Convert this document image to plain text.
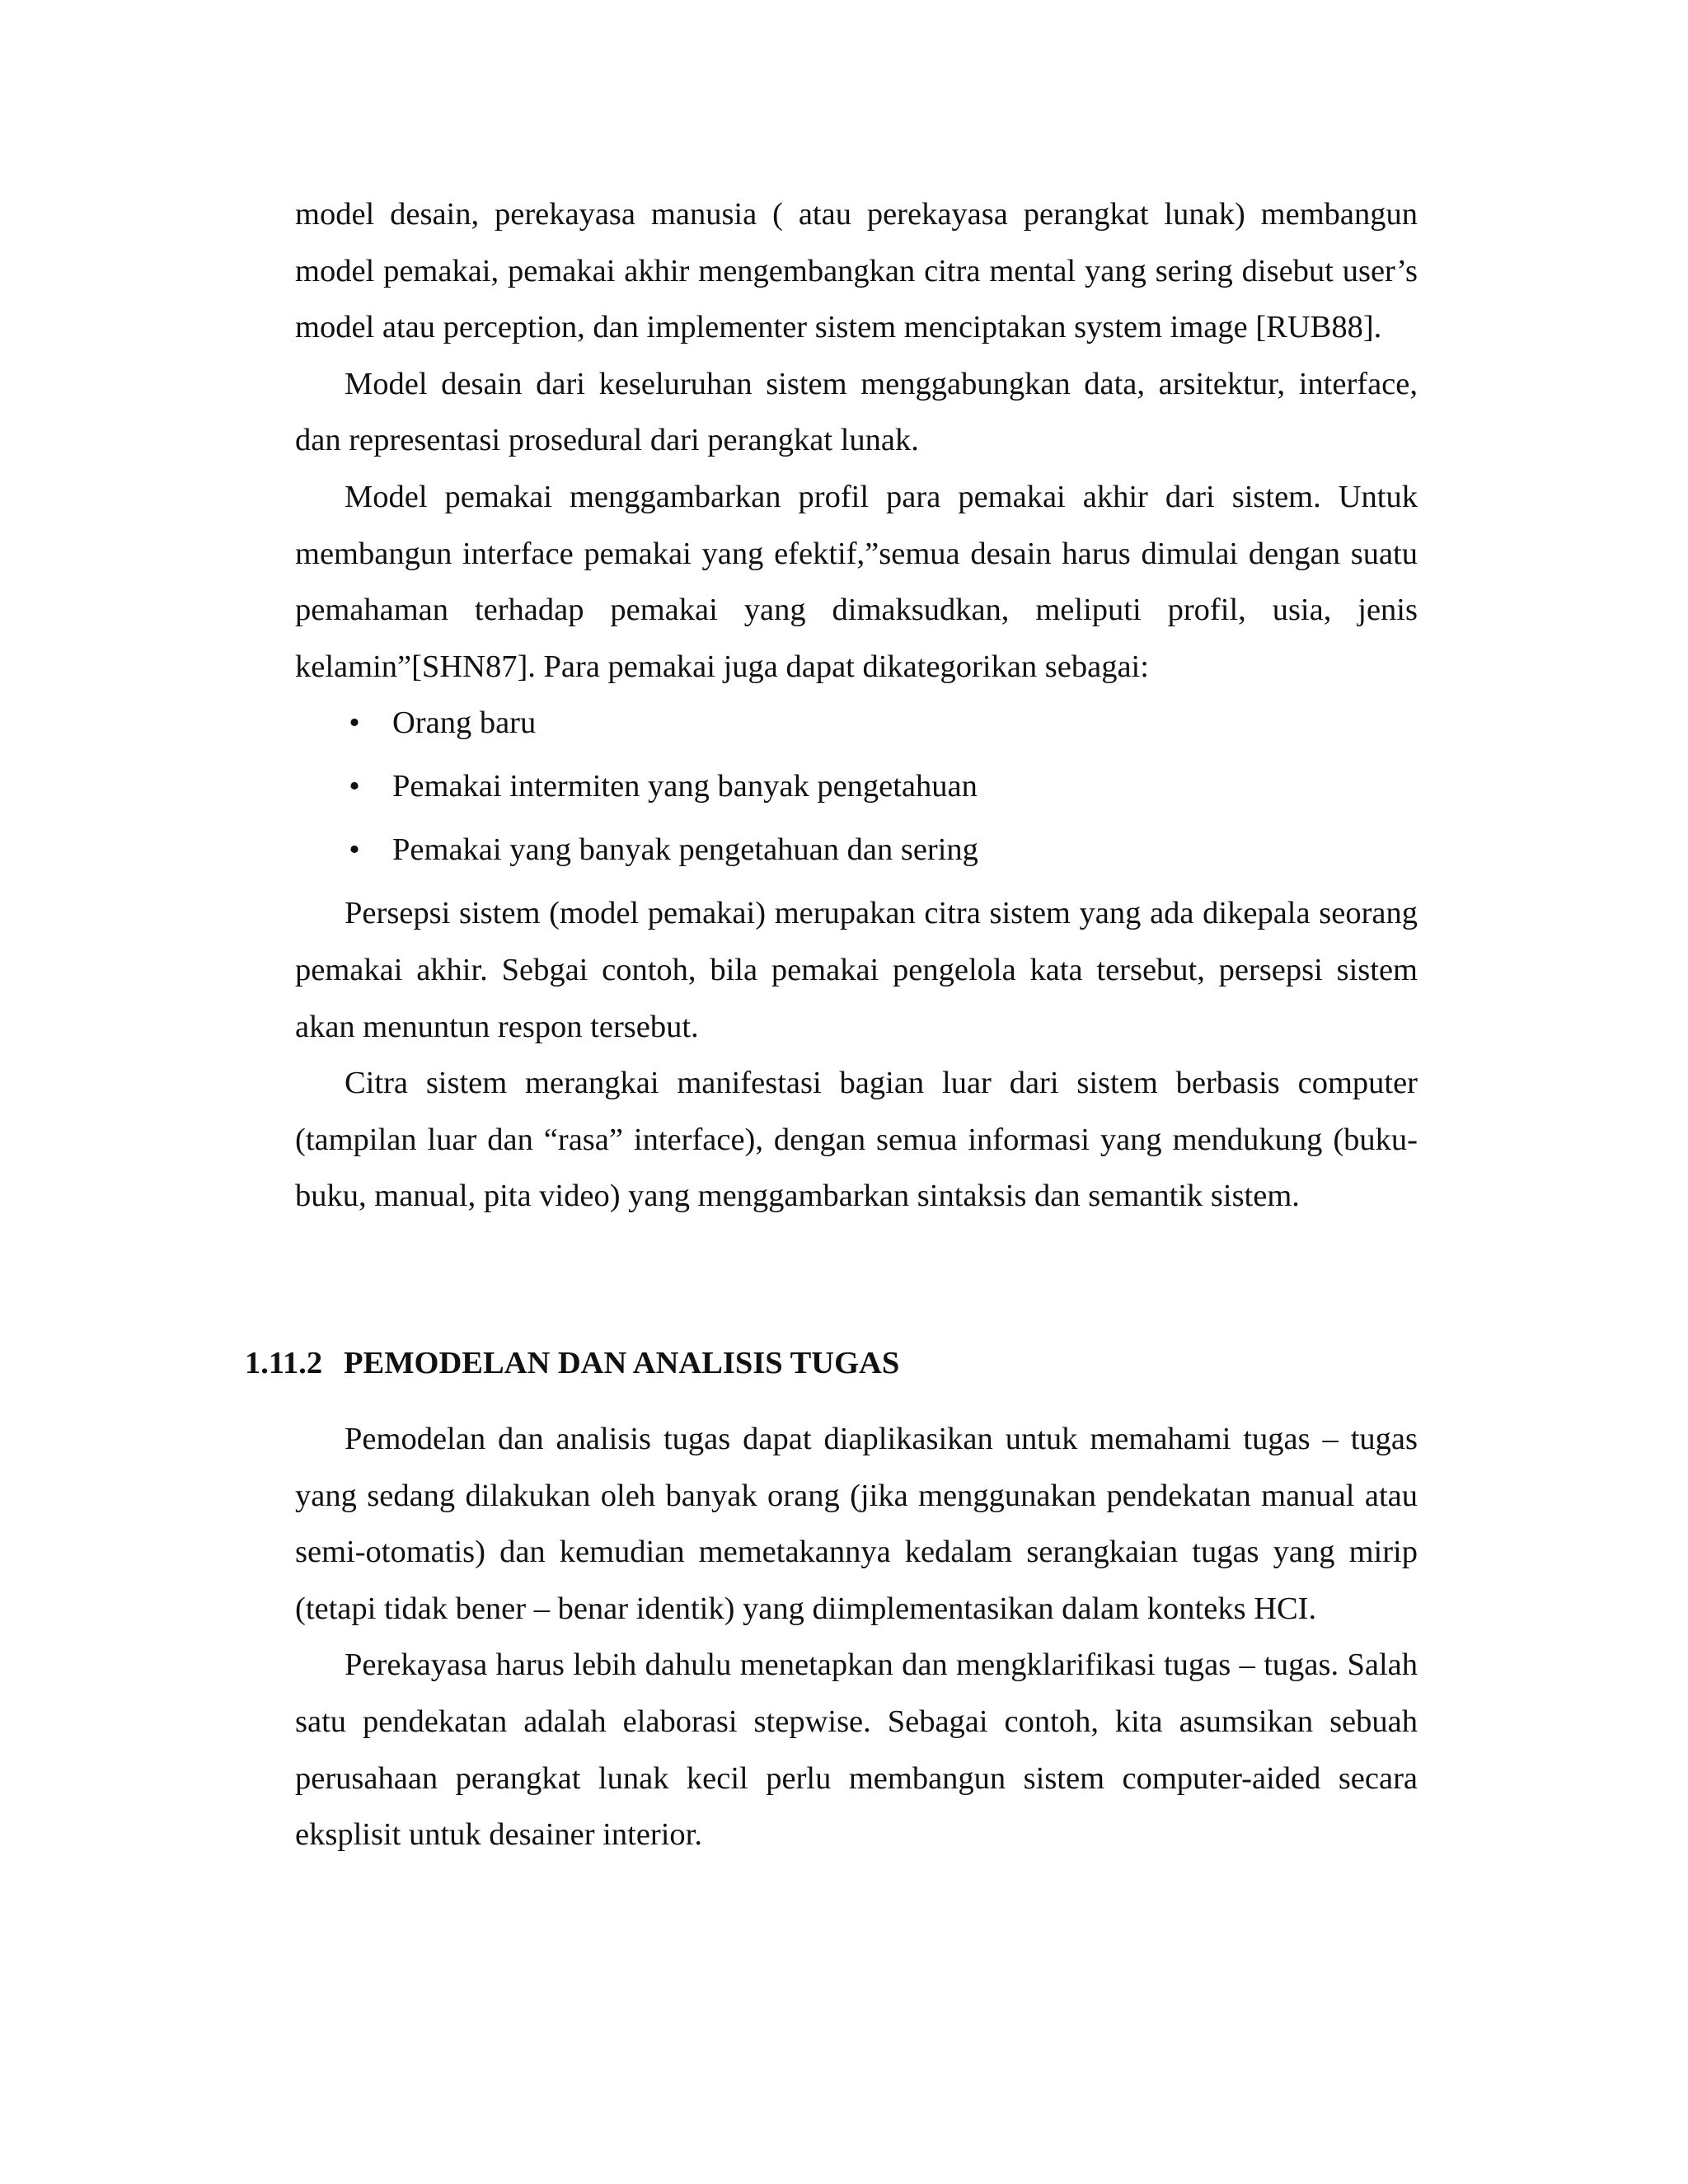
model desain, perekayasa manusia ( atau perekayasa perangkat lunak) membangun model pemakai, pemakai akhir mengembangkan citra mental yang sering disebut user’s model atau perception, dan implementer sistem menciptakan system image [RUB88].

Model desain dari keseluruhan sistem menggabungkan data, arsitektur, interface, dan representasi prosedural dari perangkat lunak.

Model pemakai menggambarkan profil para pemakai akhir dari sistem. Untuk membangun interface pemakai yang efektif,”semua desain harus dimulai dengan suatu pemahaman terhadap pemakai yang dimaksudkan, meliputi profil, usia, jenis kelamin”[SHN87]. Para pemakai juga dapat dikategorikan sebagai:

• Orang baru
• Pemakai intermiten yang banyak pengetahuan
• Pemakai yang banyak pengetahuan dan sering

Persepsi sistem (model pemakai) merupakan citra sistem yang ada dikepala seorang pemakai akhir. Sebgai contoh, bila pemakai pengelola kata tersebut, persepsi sistem akan menuntun respon tersebut.

Citra sistem merangkai manifestasi bagian luar dari sistem berbasis computer (tampilan luar dan “rasa” interface), dengan semua informasi yang mendukung (buku-buku, manual, pita video) yang menggambarkan sintaksis dan semantik sistem.

1.11.2 PEMODELAN DAN ANALISIS TUGAS

Pemodelan dan analisis tugas dapat diaplikasikan untuk memahami tugas – tugas yang sedang dilakukan oleh banyak orang (jika menggunakan pendekatan manual atau semi-otomatis) dan kemudian memetakannya kedalam serangkaian tugas yang mirip (tetapi tidak bener – benar identik) yang diimplementasikan dalam konteks HCI.

Perekayasa harus lebih dahulu menetapkan dan mengklarifikasi tugas – tugas. Salah satu pendekatan adalah elaborasi stepwise. Sebagai contoh, kita asumsikan sebuah perusahaan perangkat lunak kecil perlu membangun sistem computer-aided secara eksplisit untuk desainer interior.
